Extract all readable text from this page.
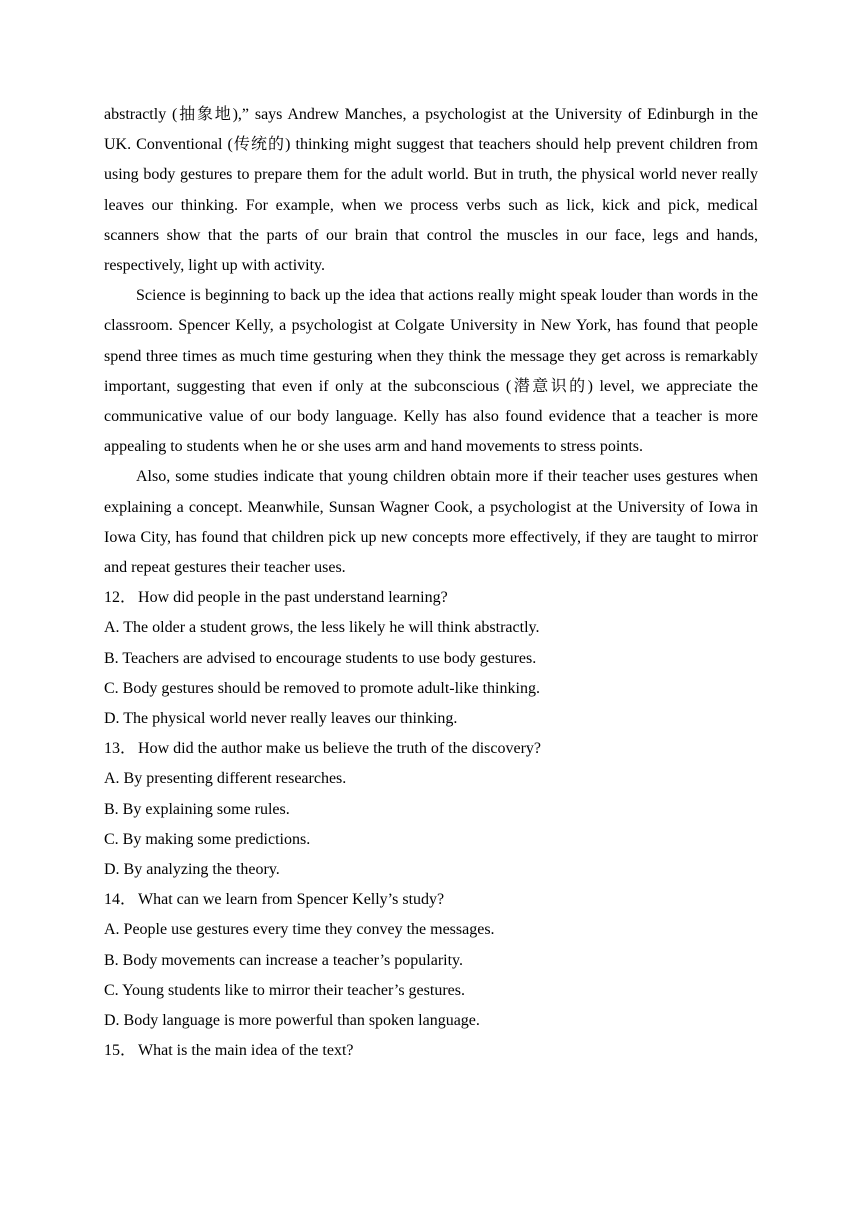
abstractly (抽象地),” says Andrew Manches, a psychologist at the University of Edinburgh in the UK. Conventional (传统的) thinking might suggest that teachers should help prevent children from using body gestures to prepare them for the adult world. But in truth, the physical world never really leaves our thinking. For example, when we process verbs such as lick, kick and pick, medical scanners show that the parts of our brain that control the muscles in our face, legs and hands, respectively, light up with activity.

Science is beginning to back up the idea that actions really might speak louder than words in the classroom. Spencer Kelly, a psychologist at Colgate University in New York, has found that people spend three times as much time gesturing when they think the message they get across is remarkably important, suggesting that even if only at the subconscious (潜意识的) level, we appreciate the communicative value of our body language. Kelly has also found evidence that a teacher is more appealing to students when he or she uses arm and hand movements to stress points.

Also, some studies indicate that young children obtain more if their teacher uses gestures when explaining a concept. Meanwhile, Sunsan Wagner Cook, a psychologist at the University of Iowa in Iowa City, has found that children pick up new concepts more effectively, if they are taught to mirror and repeat gestures their teacher uses.

12． How did people in the past understand learning?

A. The older a student grows, the less likely he will think abstractly.

B. Teachers are advised to encourage students to use body gestures.

C. Body gestures should be removed to promote adult-like thinking.

D. The physical world never really leaves our thinking.

13． How did the author make us believe the truth of the discovery?

A. By presenting different researches.

B. By explaining some rules.

C. By making some predictions.

D. By analyzing the theory.

14． What can we learn from Spencer Kelly’s study?

A. People use gestures every time they convey the messages.

B. Body movements can increase a teacher’s popularity.

C. Young students like to mirror their teacher’s gestures.

D. Body language is more powerful than spoken language.

15． What is the main idea of the text?
